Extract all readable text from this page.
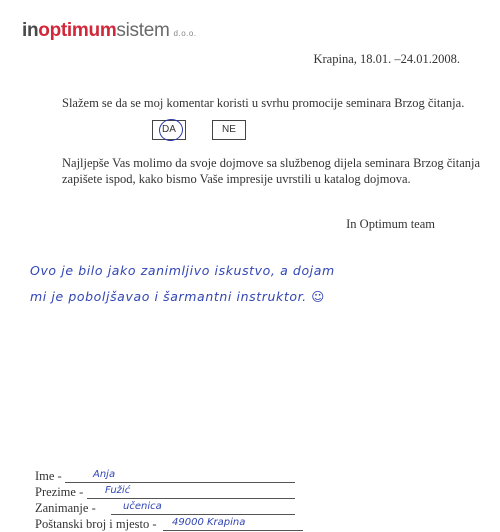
inoptimumsistem d.o.o.
Krapina, 18.01. –24.01.2008.
Slažem se da se moj komentar koristi u svrhu promocije seminara Brzog čitanja.
DA	NE
Najljepše Vas molimo da svoje dojmove sa službenog dijela seminara Brzog čitanja zapišete ispod, kako bismo Vaše impresije uvrstili u katalog dojmova.
In Optimum team
Ovo je bilo jako zanimljivo iskustvo, a dojam
mi je poboljšavao i šarmantni instruktor. ☺
Ime -	Anja
Prezime - Fužić
Zanimanje -	učenica
Poštanski broj i mjesto - 49000 Krapina
